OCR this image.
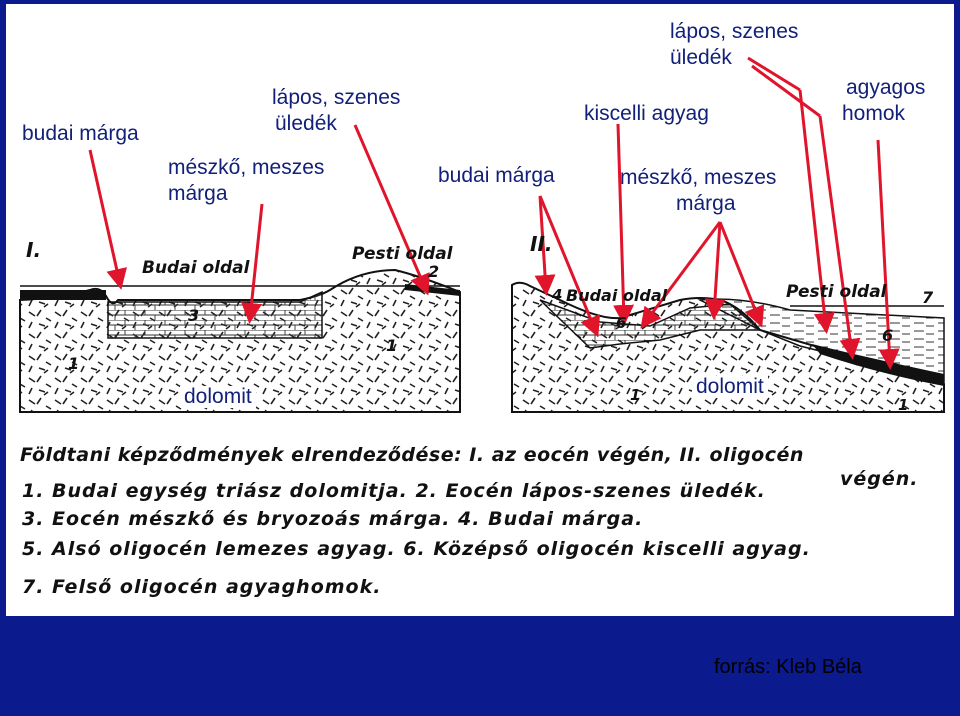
budai márga
lápos, szenes
üledék
mészkő, meszes
márga
budai márga
lápos, szenes
üledék
kiscelli agyag
mészkő, meszes
márga
agyagos
homok
dolomit	dolomit
I.	II.
Budai oldal
Pesti oldal
Budai oldal	Pesti oldal
2
3
1
1
4
6
6
7
1
1
Földtani képződmények elrendeződése: I. az eocén végén, II. oligocén
végén.
1. Budai egység triász dolomitja. 2. Eocén lápos-szenes üledék.
3. Eocén mészkő és bryozoás márga. 4. Budai márga.
5. Alsó oligocén lemezes agyag. 6. Középső oligocén kiscelli agyag.
7. Felső oligocén agyaghomok.
forrás: Kleb Béla
